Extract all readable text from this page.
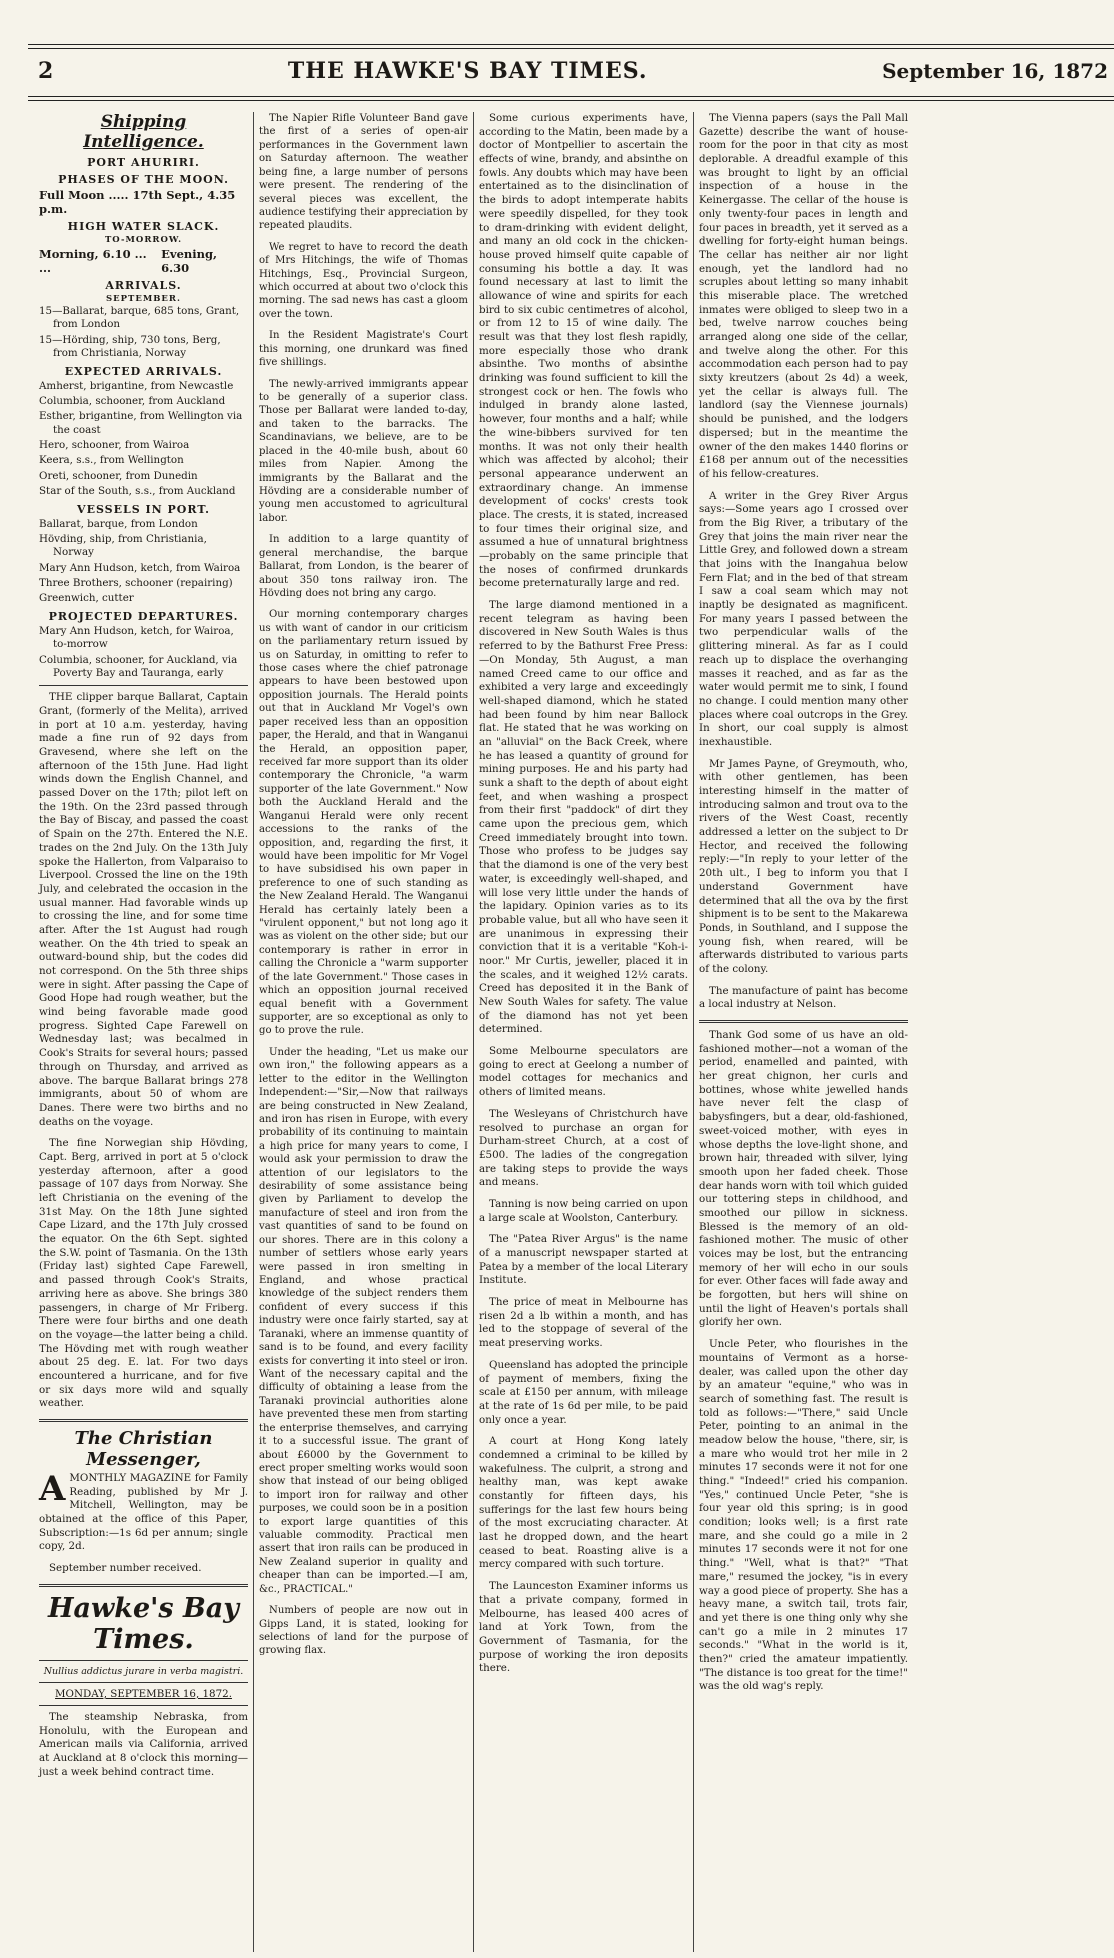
2	THE HAWKE'S BAY TIMES.	September 16, 1872
Shipping Intelligence.
PORT AHURIRI.
PHASES OF THE MOON.
Full Moon ..... 17th Sept., 4.35 p.m.
HIGH WATER SLACK.
TO-MORROW.
Morning, 6.10 ... ...
Evening, 6.30
ARRIVALS.
SEPTEMBER.
15—Ballarat, barque, 685 tons, Grant, from London
15—Hörding, ship, 730 tons, Berg, from Christiania, Norway
EXPECTED ARRIVALS.
Amherst, brigantine, from Newcastle
Columbia, schooner, from Auckland
Esther, brigantine, from Wellington via the coast
Hero, schooner, from Wairoa
Keera, s.s., from Wellington
Oreti, schooner, from Dunedin
Star of the South, s.s., from Auckland
VESSELS IN PORT.
Ballarat, barque, from London
Hövding, ship, from Christiania, Norway
Mary Ann Hudson, ketch, from Wairoa
Three Brothers, schooner (repairing)
Greenwich, cutter
PROJECTED DEPARTURES.
Mary Ann Hudson, ketch, for Wairoa, to-morrow
Columbia, schooner, for Auckland, via Poverty Bay and Tauranga, early

THE clipper barque Ballarat, Captain Grant, (formerly of the Melita), arrived in port at 10 a.m. yesterday, having made a fine run of 92 days from Gravesend, where she left on the afternoon of the 15th June. Had light winds down the English Channel, and passed Dover on the 17th; pilot left on the 19th. On the 23rd passed through the Bay of Biscay, and passed the coast of Spain on the 27th. Entered the N.E. trades on the 2nd July. On the 13th July spoke the Hallerton, from Valparaiso to Liverpool. Crossed the line on the 19th July, and celebrated the occasion in the usual manner. Had favorable winds up to crossing the line, and for some time after. After the 1st August had rough weather. On the 4th tried to speak an outward-bound ship, but the codes did not correspond. On the 5th three ships were in sight. After passing the Cape of Good Hope had rough weather, but the wind being favorable made good progress. Sighted Cape Farewell on Wednesday last; was becalmed in Cook's Straits for several hours; passed through on Thursday, and arrived as above. The barque Ballarat brings 278 immigrants, about 50 of whom are Danes. There were two births and no deaths on the voyage.

The fine Norwegian ship Hövding, Capt. Berg, arrived in port at 5 o'clock yesterday afternoon, after a good passage of 107 days from Norway. She left Christiania on the evening of the 31st May. On the 18th June sighted Cape Lizard, and the 17th July crossed the equator. On the 6th Sept. sighted the S.W. point of Tasmania. On the 13th (Friday last) sighted Cape Farewell, and passed through Cook's Straits, arriving here as above. She brings 380 passengers, in charge of Mr Friberg. There were four births and one death on the voyage—the latter being a child. The Hövding met with rough weather about 25 deg. E. lat. For two days encountered a hurricane, and for five or six days more wild and squally weather.

The Christian Messenger,

AMONTHLY MAGAZINE for Family Reading, published by Mr J. Mitchell, Wellington, may be obtained at the office of this Paper, Subscription:—1s 6d per annum; single copy, 2d.

September number received.

Hawke's Bay Times.
Nullius addictus jurare in verba magistri.
MONDAY, SEPTEMBER 16, 1872.

The steamship Nebraska, from Honolulu, with the European and American mails via California, arrived at Auckland at 8 o'clock this morning—just a week behind contract time.

The Napier Rifle Volunteer Band gave the first of a series of open-air performances in the Government lawn on Saturday afternoon. The weather being fine, a large number of persons were present. The rendering of the several pieces was excellent, the audience testifying their appreciation by repeated plaudits.

We regret to have to record the death of Mrs Hitchings, the wife of Thomas Hitchings, Esq., Provincial Surgeon, which occurred at about two o'clock this morning. The sad news has cast a gloom over the town.

In the Resident Magistrate's Court this morning, one drunkard was fined five shillings.

The newly-arrived immigrants appear to be generally of a superior class. Those per Ballarat were landed to-day, and taken to the barracks. The Scandinavians, we believe, are to be placed in the 40-mile bush, about 60 miles from Napier. Among the immigrants by the Ballarat and the Hövding are a considerable number of young men accustomed to agricultural labor.

In addition to a large quantity of general merchandise, the barque Ballarat, from London, is the bearer of about 350 tons railway iron. The Hövding does not bring any cargo.

Our morning contemporary charges us with want of candor in our criticism on the parliamentary return issued by us on Saturday, in omitting to refer to those cases where the chief patronage appears to have been bestowed upon opposition journals. The Herald points out that in Auckland Mr Vogel's own paper received less than an opposition paper, the Herald, and that in Wanganui the Herald, an opposition paper, received far more support than its older contemporary the Chronicle, "a warm supporter of the late Government." Now both the Auckland Herald and the Wanganui Herald were only recent accessions to the ranks of the opposition, and, regarding the first, it would have been impolitic for Mr Vogel to have subsidised his own paper in preference to one of such standing as the New Zealand Herald. The Wanganui Herald has certainly lately been a "virulent opponent," but not long ago it was as violent on the other side; but our contemporary is rather in error in calling the Chronicle a "warm supporter of the late Government." Those cases in which an opposition journal received equal benefit with a Government supporter, are so exceptional as only to go to prove the rule.

Under the heading, "Let us make our own iron," the following appears as a letter to the editor in the Wellington Independent:—"Sir,—Now that railways are being constructed in New Zealand, and iron has risen in Europe, with every probability of its continuing to maintain a high price for many years to come, I would ask your permission to draw the attention of our legislators to the desirability of some assistance being given by Parliament to develop the manufacture of steel and iron from the vast quantities of sand to be found on our shores. There are in this colony a number of settlers whose early years were passed in iron smelting in England, and whose practical knowledge of the subject renders them confident of every success if this industry were once fairly started, say at Taranaki, where an immense quantity of sand is to be found, and every facility exists for converting it into steel or iron. Want of the necessary capital and the difficulty of obtaining a lease from the Taranaki provincial authorities alone have prevented these men from starting the enterprise themselves, and carrying it to a successful issue. The grant of about £6000 by the Government to erect proper smelting works would soon show that instead of our being obliged to import iron for railway and other purposes, we could soon be in a position to export large quantities of this valuable commodity. Practical men assert that iron rails can be produced in New Zealand superior in quality and cheaper than can be imported.—I am, &c., PRACTICAL."

Numbers of people are now out in Gipps Land, it is stated, looking for selections of land for the purpose of growing flax.

Some curious experiments have, according to the Matin, been made by a doctor of Montpellier to ascertain the effects of wine, brandy, and absinthe on fowls. Any doubts which may have been entertained as to the disinclination of the birds to adopt intemperate habits were speedily dispelled, for they took to dram-drinking with evident delight, and many an old cock in the chicken-house proved himself quite capable of consuming his bottle a day. It was found necessary at last to limit the allowance of wine and spirits for each bird to six cubic centimetres of alcohol, or from 12 to 15 of wine daily. The result was that they lost flesh rapidly, more especially those who drank absinthe. Two months of absinthe drinking was found sufficient to kill the strongest cock or hen. The fowls who indulged in brandy alone lasted, however, four months and a half; while the wine-bibbers survived for ten months. It was not only their health which was affected by alcohol; their personal appearance underwent an extraordinary change. An immense development of cocks' crests took place. The crests, it is stated, increased to four times their original size, and assumed a hue of unnatural brightness—probably on the same principle that the noses of confirmed drunkards become preternaturally large and red.

The large diamond mentioned in a recent telegram as having been discovered in New South Wales is thus referred to by the Bathurst Free Press:—On Monday, 5th August, a man named Creed came to our office and exhibited a very large and exceedingly well-shaped diamond, which he stated had been found by him near Ballock flat. He stated that he was working on an "alluvial" on the Back Creek, where he has leased a quantity of ground for mining purposes. He and his party had sunk a shaft to the depth of about eight feet, and when washing a prospect from their first "paddock" of dirt they came upon the precious gem, which Creed immediately brought into town. Those who profess to be judges say that the diamond is one of the very best water, is exceedingly well-shaped, and will lose very little under the hands of the lapidary. Opinion varies as to its probable value, but all who have seen it are unanimous in expressing their conviction that it is a veritable "Koh-i-noor." Mr Curtis, jeweller, placed it in the scales, and it weighed 12½ carats. Creed has deposited it in the Bank of New South Wales for safety. The value of the diamond has not yet been determined.

Some Melbourne speculators are going to erect at Geelong a number of model cottages for mechanics and others of limited means.

The Wesleyans of Christchurch have resolved to purchase an organ for Durham-street Church, at a cost of £500. The ladies of the congregation are taking steps to provide the ways and means.

Tanning is now being carried on upon a large scale at Woolston, Canterbury.

The "Patea River Argus" is the name of a manuscript newspaper started at Patea by a member of the local Literary Institute.

The price of meat in Melbourne has risen 2d a lb within a month, and has led to the stoppage of several of the meat preserving works.

Queensland has adopted the principle of payment of members, fixing the scale at £150 per annum, with mileage at the rate of 1s 6d per mile, to be paid only once a year.

A court at Hong Kong lately condemned a criminal to be killed by wakefulness. The culprit, a strong and healthy man, was kept awake constantly for fifteen days, his sufferings for the last few hours being of the most excruciating character. At last he dropped down, and the heart ceased to beat. Roasting alive is a mercy compared with such torture.

The Launceston Examiner informs us that a private company, formed in Melbourne, has leased 400 acres of land at York Town, from the Government of Tasmania, for the purpose of working the iron deposits there.

The Vienna papers (says the Pall Mall Gazette) describe the want of house-room for the poor in that city as most deplorable. A dreadful example of this was brought to light by an official inspection of a house in the Keinergasse. The cellar of the house is only twenty-four paces in length and four paces in breadth, yet it served as a dwelling for forty-eight human beings. The cellar has neither air nor light enough, yet the landlord had no scruples about letting so many inhabit this miserable place. The wretched inmates were obliged to sleep two in a bed, twelve narrow couches being arranged along one side of the cellar, and twelve along the other. For this accommodation each person had to pay sixty kreutzers (about 2s 4d) a week, yet the cellar is always full. The landlord (say the Viennese journals) should be punished, and the lodgers dispersed; but in the meantime the owner of the den makes 1440 florins or £168 per annum out of the necessities of his fellow-creatures.

A writer in the Grey River Argus says:—Some years ago I crossed over from the Big River, a tributary of the Grey that joins the main river near the Little Grey, and followed down a stream that joins with the Inangahua below Fern Flat; and in the bed of that stream I saw a coal seam which may not inaptly be designated as magnificent. For many years I passed between the two perpendicular walls of the glittering mineral. As far as I could reach up to displace the overhanging masses it reached, and as far as the water would permit me to sink, I found no change. I could mention many other places where coal outcrops in the Grey. In short, our coal supply is almost inexhaustible.

Mr James Payne, of Greymouth, who, with other gentlemen, has been interesting himself in the matter of introducing salmon and trout ova to the rivers of the West Coast, recently addressed a letter on the subject to Dr Hector, and received the following reply:—"In reply to your letter of the 20th ult., I beg to inform you that I understand Government have determined that all the ova by the first shipment is to be sent to the Makarewa Ponds, in Southland, and I suppose the young fish, when reared, will be afterwards distributed to various parts of the colony.

The manufacture of paint has become a local industry at Nelson.

Thank God some of us have an old-fashioned mother—not a woman of the period, enamelled and painted, with her great chignon, her curls and bottines, whose white jewelled hands have never felt the clasp of babysfingers, but a dear, old-fashioned, sweet-voiced mother, with eyes in whose depths the love-light shone, and brown hair, threaded with silver, lying smooth upon her faded cheek. Those dear hands worn with toil which guided our tottering steps in childhood, and smoothed our pillow in sickness. Blessed is the memory of an old-fashioned mother. The music of other voices may be lost, but the entrancing memory of her will echo in our souls for ever. Other faces will fade away and be forgotten, but hers will shine on until the light of Heaven's portals shall glorify her own.

Uncle Peter, who flourishes in the mountains of Vermont as a horse-dealer, was called upon the other day by an amateur "equine," who was in search of something fast. The result is told as follows:—"There," said Uncle Peter, pointing to an animal in the meadow below the house, "there, sir, is a mare who would trot her mile in 2 minutes 17 seconds were it not for one thing." "Indeed!" cried his companion. "Yes," continued Uncle Peter, "she is four year old this spring; is in good condition; looks well; is a first rate mare, and she could go a mile in 2 minutes 17 seconds were it not for one thing." "Well, what is that?" "That mare," resumed the jockey, "is in every way a good piece of property. She has a heavy mane, a switch tail, trots fair, and yet there is one thing only why she can't go a mile in 2 minutes 17 seconds." "What in the world is it, then?" cried the amateur impatiently. "The distance is too great for the time!" was the old wag's reply.
